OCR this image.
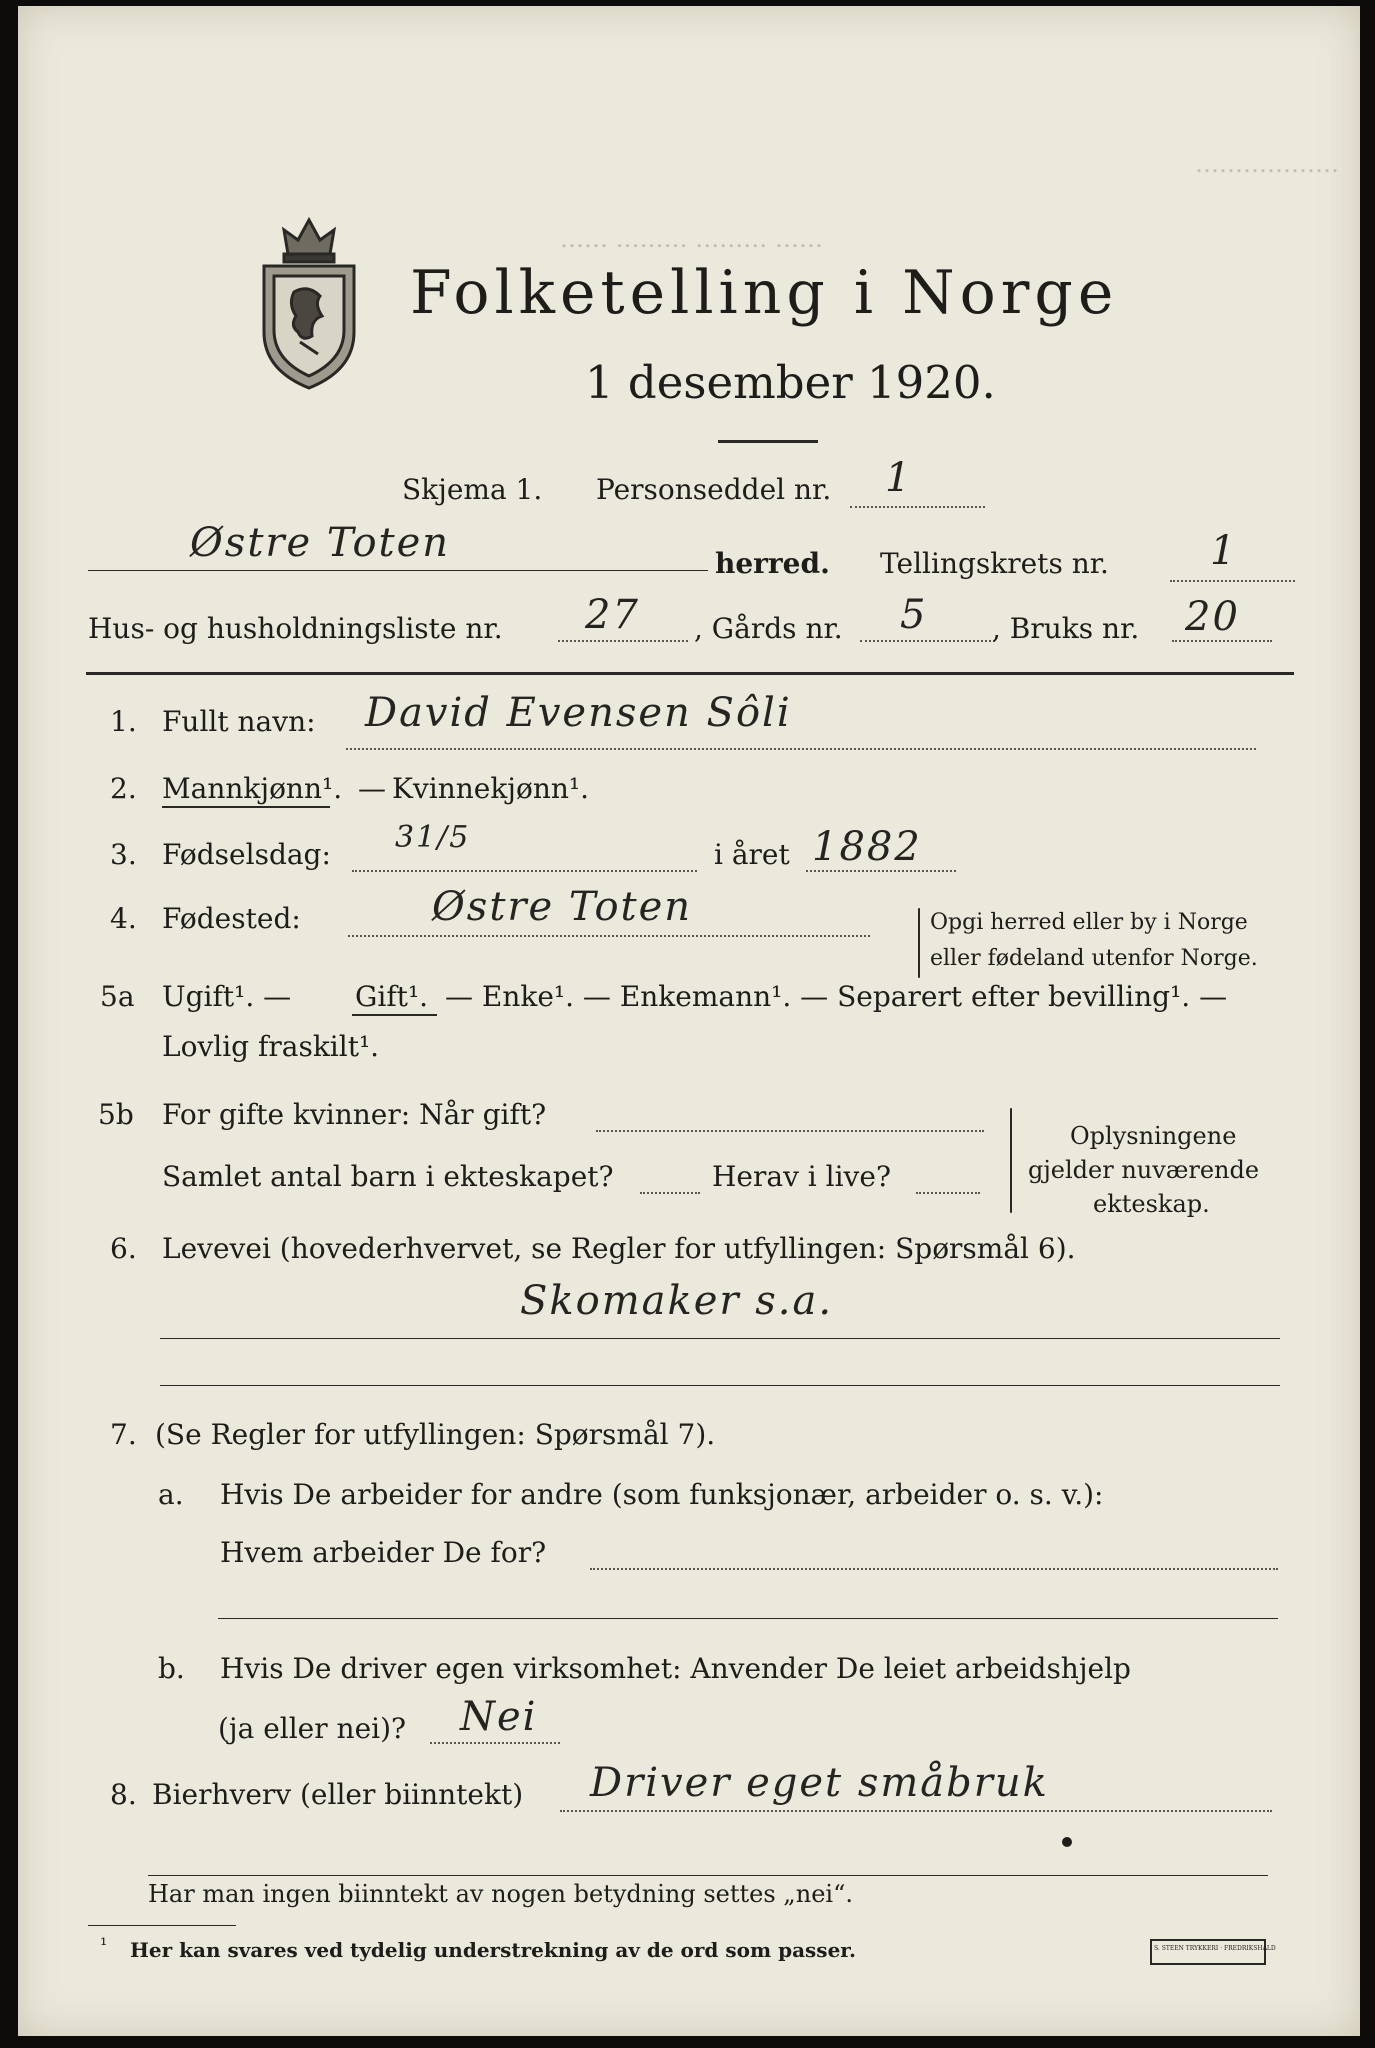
………………
…… ……… ……… ……
Folketelling i Norge
1 desember 1920.
Skjema 1. Personseddel nr. 1
Østre Toten	herred. Tellingskrets nr.	1
Hus- og husholdningsliste nr. 27 , Gårds nr. 5 , Bruks nr. 20
1. Fullt navn: David Evensen Sôli
2. Mannkjønn¹. — Kvinnekjønn¹.
3. Fødselsdag: 31/5	i året 1882
4. Fødested:	Østre Toten	Opgi herred eller by i Norge
eller fødeland utenfor Norge.
5a Ugift¹. — Gift¹. — Enke¹. — Enkemann¹. — Separert efter bevilling¹. —
Lovlig fraskilt¹.
5b For gifte kvinner: Når gift?
Samlet antal barn i ekteskapet?	Herav i live?
Oplysningene
gjelder nuværende
ekteskap.
6. Levevei (hovederhvervet, se Regler for utfyllingen: Spørsmål 6).
Skomaker s.a.
7. (Se Regler for utfyllingen: Spørsmål 7).
a. Hvis De arbeider for andre (som funksjonær, arbeider o. s. v.):
Hvem arbeider De for?
b. Hvis De driver egen virksomhet: Anvender De leiet arbeidshjelp
(ja eller nei)? Nei
8. Bierhverv (eller biinntekt) Driver eget småbruk
Har man ingen biinntekt av nogen betydning settes „nei“.
¹ Her kan svares ved tydelig understrekning av de ord som passer.	S. STEEN TRYKKERI · FREDRIKSHALD
